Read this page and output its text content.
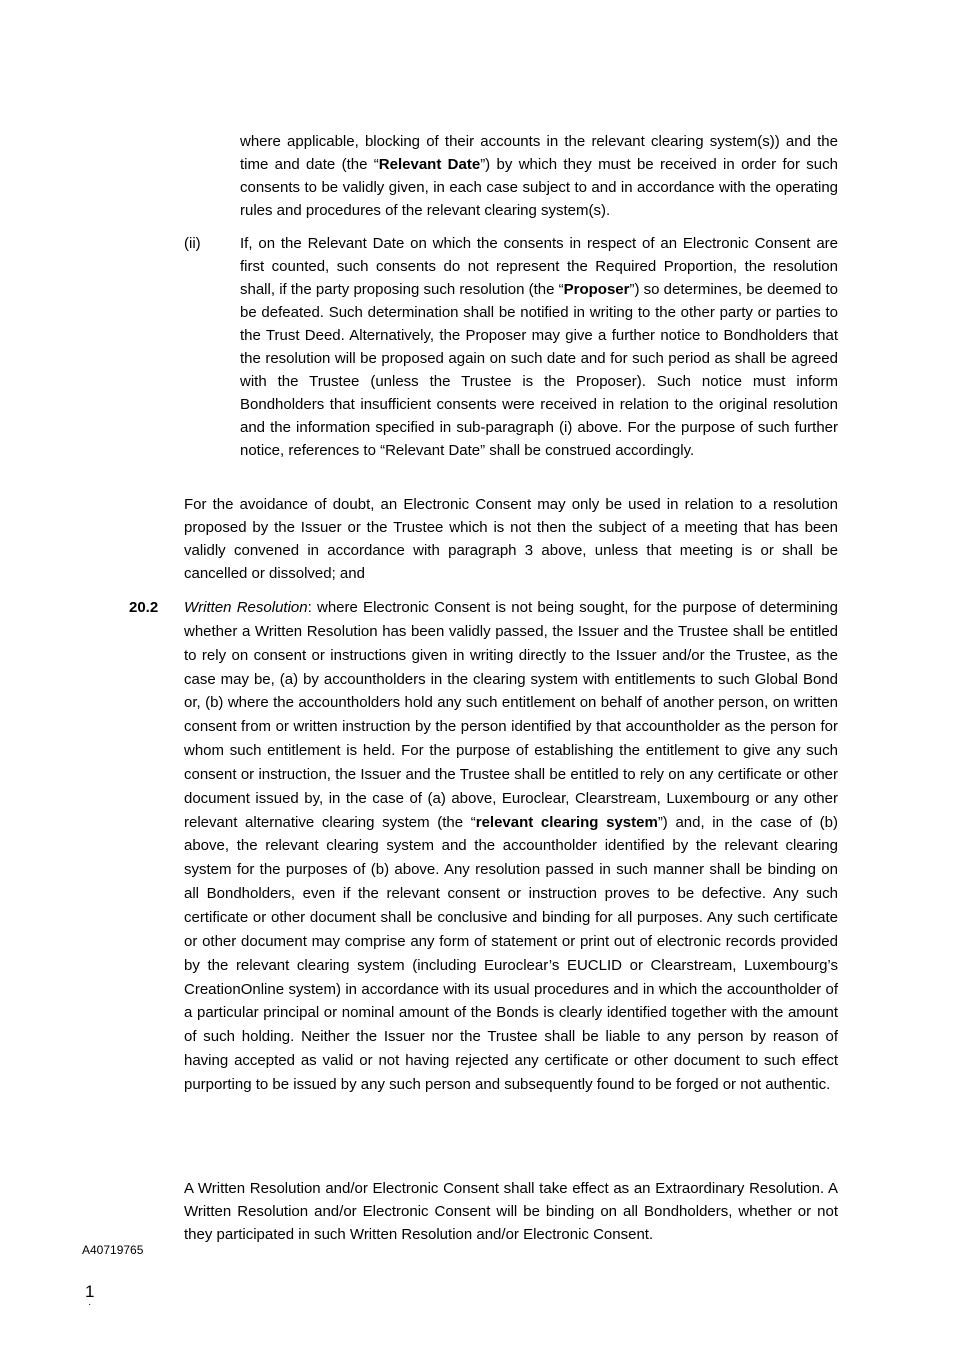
where applicable, blocking of their accounts in the relevant clearing system(s)) and the time and date (the “Relevant Date”) by which they must be received in order for such consents to be validly given, in each case subject to and in accordance with the operating rules and procedures of the relevant clearing system(s).

(ii)	If, on the Relevant Date on which the consents in respect of an Electronic Consent are first counted, such consents do not represent the Required Proportion, the resolution shall, if the party proposing such resolution (the “Proposer”) so determines, be deemed to be defeated. Such determination shall be notified in writing to the other party or parties to the Trust Deed. Alternatively, the Proposer may give a further notice to Bondholders that the resolution will be proposed again on such date and for such period as shall be agreed with the Trustee (unless the Trustee is the Proposer). Such notice must inform Bondholders that insufficient consents were received in relation to the original resolution and the information specified in sub-paragraph (i) above. For the purpose of such further notice, references to “Relevant Date” shall be construed accordingly.

For the avoidance of doubt, an Electronic Consent may only be used in relation to a resolution proposed by the Issuer or the Trustee which is not then the subject of a meeting that has been validly convened in accordance with paragraph 3 above, unless that meeting is or shall be cancelled or dissolved; and

20.2 Written Resolution: where Electronic Consent is not being sought, for the purpose of determining whether a Written Resolution has been validly passed, the Issuer and the Trustee shall be entitled to rely on consent or instructions given in writing directly to the Issuer and/or the Trustee, as the case may be, (a) by accountholders in the clearing system with entitlements to such Global Bond or, (b) where the accountholders hold any such entitlement on behalf of another person, on written consent from or written instruction by the person identified by that accountholder as the person for whom such entitlement is held. For the purpose of establishing the entitlement to give any such consent or instruction, the Issuer and the Trustee shall be entitled to rely on any certificate or other document issued by, in the case of (a) above, Euroclear, Clearstream, Luxembourg or any other relevant alternative clearing system (the “relevant clearing system”) and, in the case of (b) above, the relevant clearing system and the accountholder identified by the relevant clearing system for the purposes of (b) above. Any resolution passed in such manner shall be binding on all Bondholders, even if the relevant consent or instruction proves to be defective. Any such certificate or other document shall be conclusive and binding for all purposes. Any such certificate or other document may comprise any form of statement or print out of electronic records provided by the relevant clearing system (including Euroclear’s EUCLID or Clearstream, Luxembourg’s CreationOnline system) in accordance with its usual procedures and in which the accountholder of a particular principal or nominal amount of the Bonds is clearly identified together with the amount of such holding. Neither the Issuer nor the Trustee shall be liable to any person by reason of having accepted as valid or not having rejected any certificate or other document to such effect purporting to be issued by any such person and subsequently found to be forged or not authentic.

A Written Resolution and/or Electronic Consent shall take effect as an Extraordinary Resolution. A Written Resolution and/or Electronic Consent will be binding on all Bondholders, whether or not they participated in such Written Resolution and/or Electronic Consent.

A40719765
1
·
